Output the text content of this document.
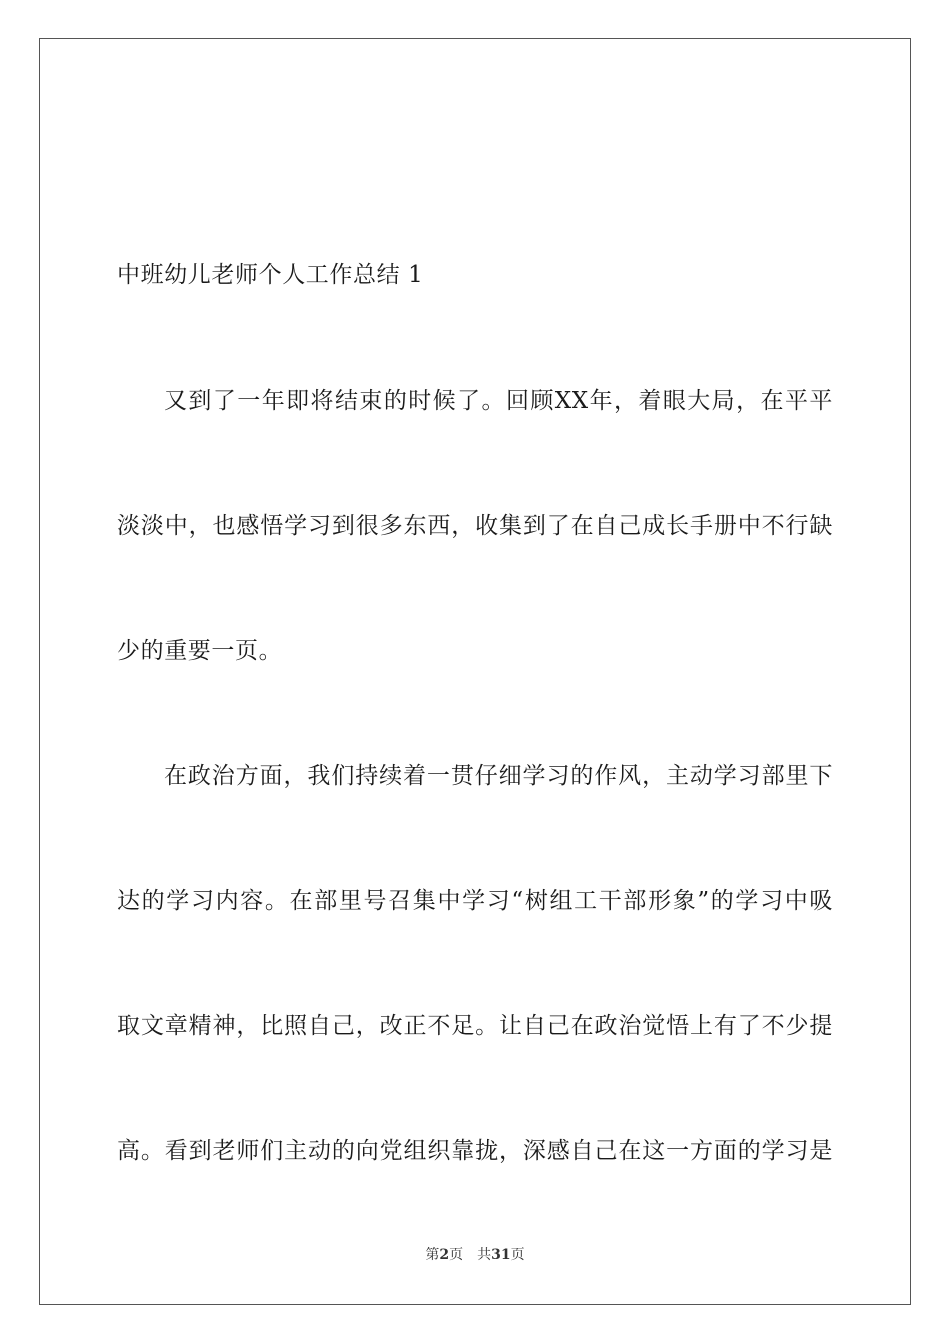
中班幼儿老师个人工作总结 1
又到了一年即将结束的时候了。回顾XX年，着眼大局，在平平
淡淡中，也感悟学习到很多东西，收集到了在自己成长手册中不行缺
少的重要一页。
在政治方面，我们持续着一贯仔细学习的作风，主动学习部里下
达的学习内容。在部里号召集中学习“树组工干部形象”的学习中吸
取文章精神，比照自己，改正不足。让自己在政治觉悟上有了不少提
高。看到老师们主动的向党组织靠拢，深感自己在这一方面的学习是
第2页 共31页
